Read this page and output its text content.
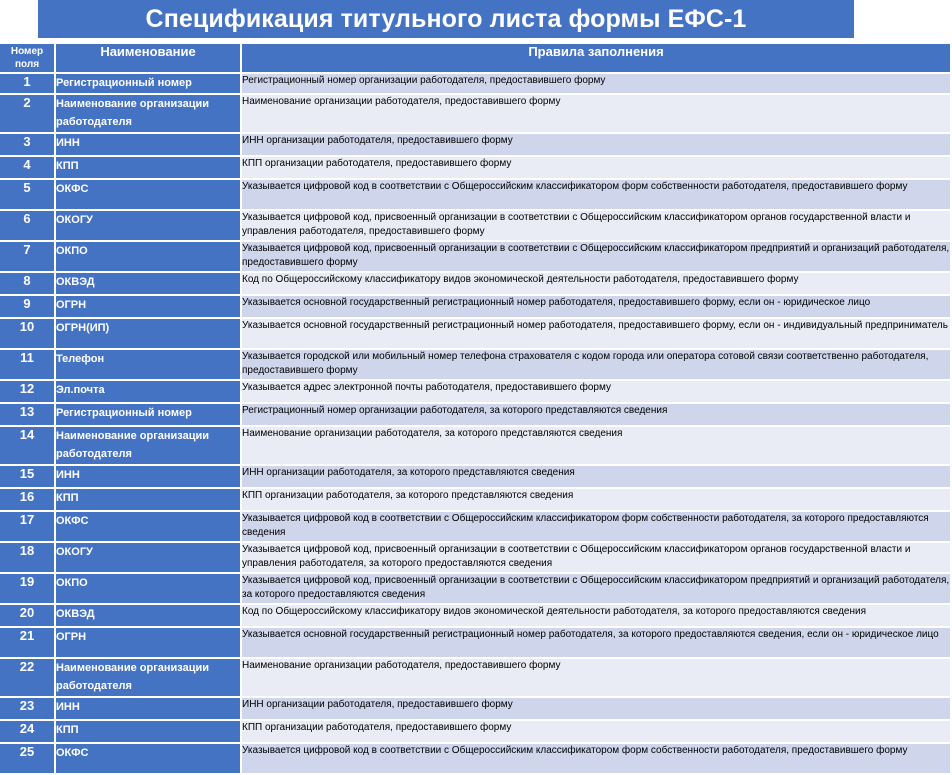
Спецификация титульного листа формы ЕФС-1
Номер поля	Наименование	Правила заполнения
1	Регистрационный номер	Регистрационный номер организации работодателя, предоставившего форму
2	Наименование организации работодателя	Наименование организации работодателя, предоставившего форму
3	ИНН	ИНН организации работодателя, предоставившего форму
4	КПП	КПП организации работодателя, предоставившего форму
5	ОКФС	Указывается цифровой код в соответствии с Общероссийским классификатором форм собственности работодателя, предоставившего форму
6	ОКОГУ	Указывается цифровой код, присвоенный организации в соответствии с Общероссийским классификатором органов государственной власти и управления работодателя, предоставившего форму
7	ОКПО	Указывается цифровой код, присвоенный организации в соответствии с Общероссийским классификатором предприятий и организаций работодателя, предоставившего форму
8	ОКВЭД	Код по Общероссийскому классификатору видов экономической деятельности работодателя, предоставившего форму
9	ОГРН	Указывается основной государственный регистрационный номер работодателя, предоставившего форму, если он - юридическое лицо
10	ОГРН(ИП)	Указывается основной государственный регистрационный номер работодателя, предоставившего форму, если он - индивидуальный предприниматель
11	Телефон	Указывается городской или мобильный номер телефона страхователя с кодом города или оператора сотовой связи соответственно работодателя, предоставившего форму
12	Эл.почта	Указывается адрес электронной почты работодателя, предоставившего форму
13	Регистрационный номер	Регистрационный номер организации работодателя, за которого представляются сведения
14	Наименование организации работодателя	Наименование организации работодателя, за которого представляются сведения
15	ИНН	ИНН организации работодателя, за которого представляются сведения
16	КПП	КПП организации работодателя, за которого представляются сведения
17	ОКФС	Указывается цифровой код в соответствии с Общероссийским классификатором форм собственности работодателя, за которого предоставляются сведения
18	ОКОГУ	Указывается цифровой код, присвоенный организации в соответствии с Общероссийским классификатором органов государственной власти и управления работодателя, за которого предоставляются сведения
19	ОКПО	Указывается цифровой код, присвоенный организации в соответствии с Общероссийским классификатором предприятий и организаций работодателя, за которого предоставляются сведения
20	ОКВЭД	Код по Общероссийскому классификатору видов экономической деятельности работодателя, за которого предоставляются сведения
21	ОГРН	Указывается основной государственный регистрационный номер работодателя, за которого предоставляются сведения, если он - юридическое лицо
22	Наименование организации работодателя	Наименование организации работодателя, предоставившего форму
23	ИНН	ИНН организации работодателя, предоставившего форму
24	КПП	КПП организации работодателя, предоставившего форму
25	ОКФС	Указывается цифровой код в соответствии с Общероссийским классификатором форм собственности работодателя, предоставившего форму
